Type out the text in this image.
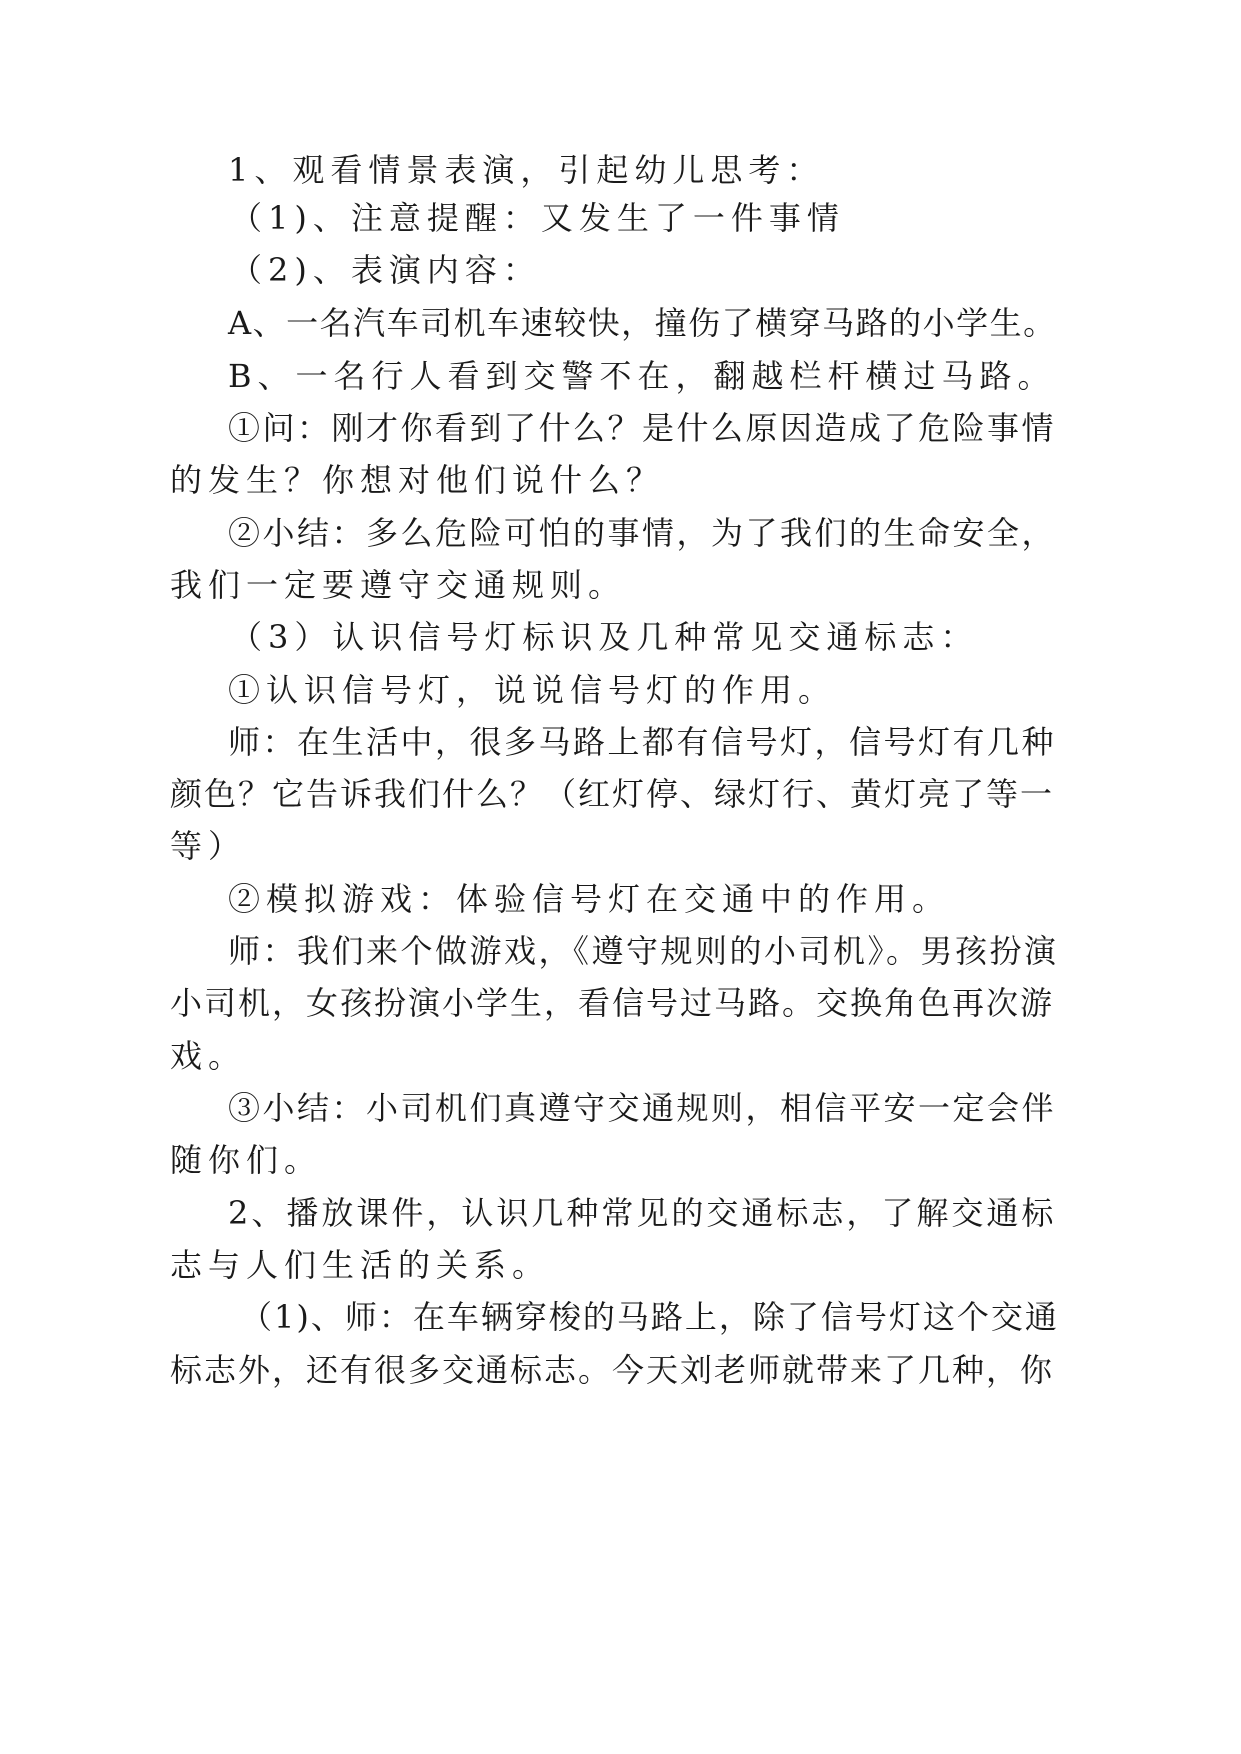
1、观看情景表演，引起幼儿思考：
（1)、注意提醒：又发生了一件事情
（2)、表演内容：
A、一名汽车司机车速较快，撞伤了横穿马路的小学生。
B、一名行人看到交警不在，翻越栏杆横过马路。
①问：刚才你看到了什么？是什么原因造成了危险事情
的发生？你想对他们说什么？
②小结：多么危险可怕的事情，为了我们的生命安全，
我们一定要遵守交通规则。
（3）认识信号灯标识及几种常见交通标志：
①认识信号灯，说说信号灯的作用。
师：在生活中，很多马路上都有信号灯，信号灯有几种
颜色？它告诉我们什么？（红灯停、绿灯行、黄灯亮了等一
等）
②模拟游戏：体验信号灯在交通中的作用。
师：我们来个做游戏，《遵守规则的小司机》。男孩扮演
小司机，女孩扮演小学生，看信号过马路。交换角色再次游
戏。
③小结：小司机们真遵守交通规则，相信平安一定会伴
随你们。
2、播放课件，认识几种常见的交通标志，了解交通标
志与人们生活的关系。
（1)、师：在车辆穿梭的马路上，除了信号灯这个交通
标志外，还有很多交通标志。今天刘老师就带来了几种，你
